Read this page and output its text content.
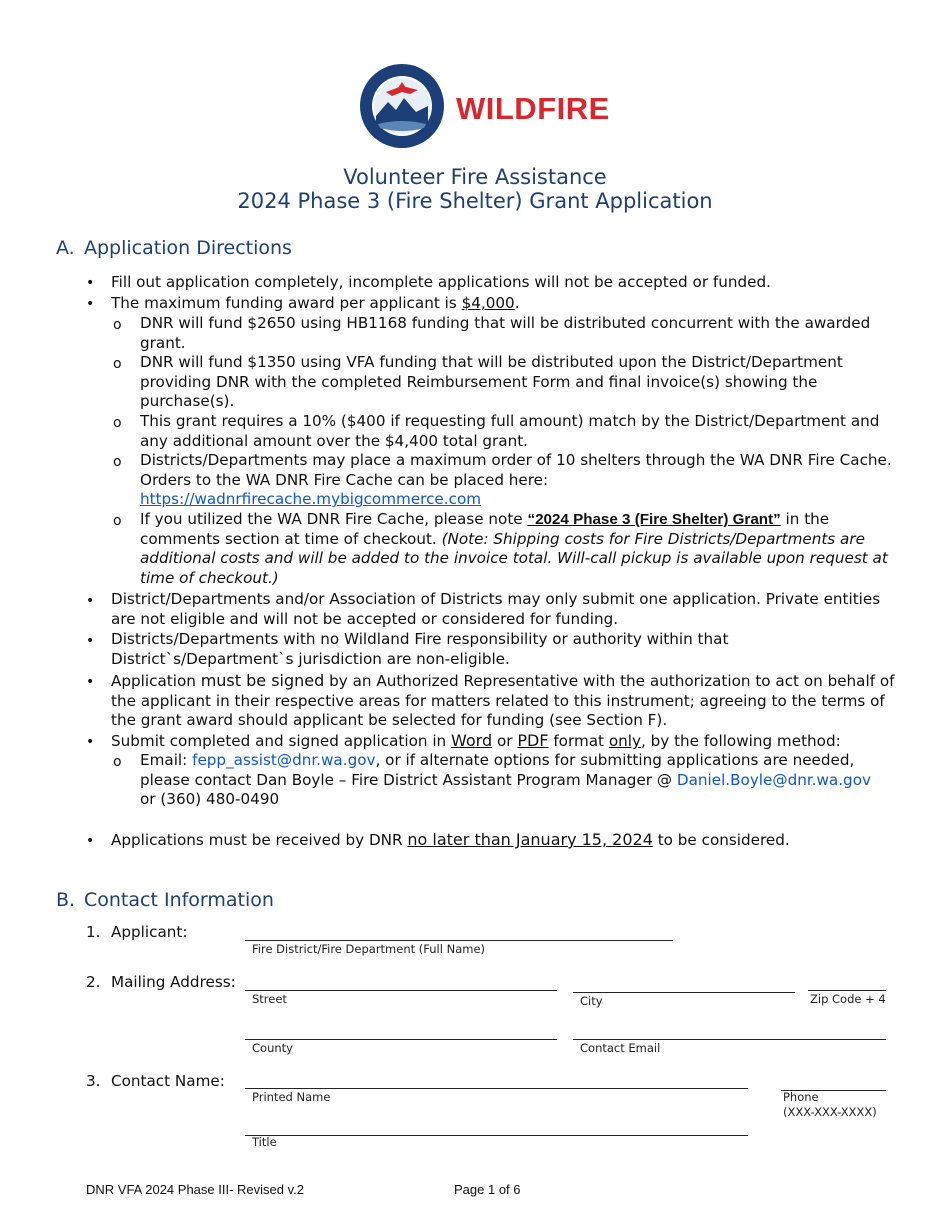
WILDFIRE
Volunteer Fire Assistance
2024 Phase 3 (Fire Shelter) Grant Application
A. Application Directions
• Fill out application completely, incomplete applications will not be accepted or funded.
• The maximum funding award per applicant is $4,000.
o DNR will fund $2650 using HB1168 funding that will be distributed concurrent with the awarded grant.
o DNR will fund $1350 using VFA funding that will be distributed upon the District/Department providing DNR with the completed Reimbursement Form and final invoice(s) showing the purchase(s).
o This grant requires a 10% ($400 if requesting full amount) match by the District/Department and any additional amount over the $4,400 total grant.
o Districts/Departments may place a maximum order of 10 shelters through the WA DNR Fire Cache. Orders to the WA DNR Fire Cache can be placed here:
https://wadnrfirecache.mybigcommerce.com
o If you utilized the WA DNR Fire Cache, please note “2024 Phase 3 (Fire Shelter) Grant” in the comments section at time of checkout. (Note: Shipping costs for Fire Districts/Departments are additional costs and will be added to the invoice total. Will-call pickup is available upon request at time of checkout.)
• District/Departments and/or Association of Districts may only submit one application. Private entities are not eligible and will not be accepted or considered for funding.
• Districts/Departments with no Wildland Fire responsibility or authority within that District`s/Department`s jurisdiction are non-eligible.
• Application must be signed by an Authorized Representative with the authorization to act on behalf of the applicant in their respective areas for matters related to this instrument; agreeing to the terms of the grant award should applicant be selected for funding (see Section F).
• Submit completed and signed application in Word or PDF format only, by the following method:
o Email: fepp_assist@dnr.wa.gov, or if alternate options for submitting applications are needed, please contact Dan Boyle – Fire District Assistant Program Manager @ Daniel.Boyle@dnr.wa.gov
or (360) 480-0490
• Applications must be received by DNR no later than January 15, 2024 to be considered.
B. Contact Information
1. Applicant:
Fire District/Fire Department (Full Name)
2. Mailing Address:
Street	City	Zip Code + 4
County	Contact Email
3. Contact Name:
Printed Name	Phone
(XXX-XXX-XXXX)
Title
DNR VFA 2024 Phase III- Revised v.2	Page 1 of 6
